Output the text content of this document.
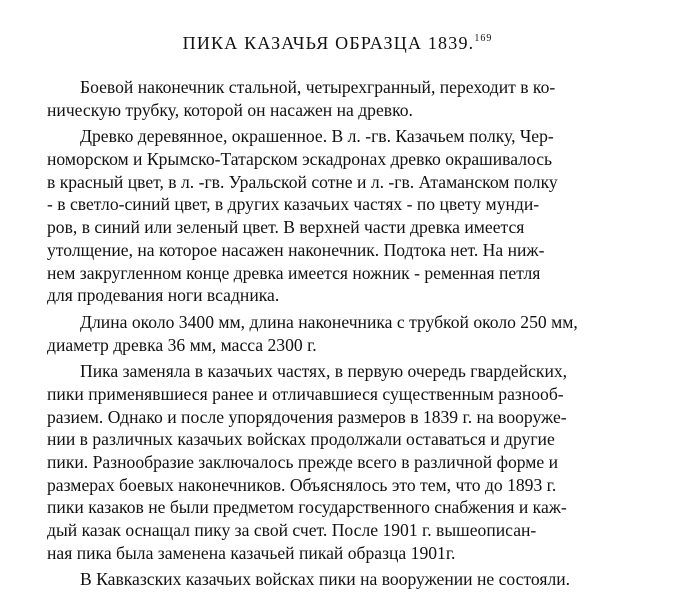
ПИКА КАЗАЧЬЯ ОБРАЗЦА 1839.$^{169}$
Боевой наконечник стальной, четырехгранный, переходит в ко-
ническую трубку, которой он насажен на древко.
Древко деревянное, окрашенное. В л. -гв. Казачьем полку, Чер-
номорском и Крымско-Татарском эскадронах древко окрашивалось
в красный цвет, в л. -гв. Уральской сотне и л. -гв. Атаманском полку
- в светло-синий цвет, в других казачьих частях - по цвету мунди-
ров, в синий или зеленый цвет. В верхней части древка имеется
утолщение, на которое насажен наконечник. Подтока нет. На ниж-
нем закругленном конце древка имеется ножник - ременная петля
для продевания ноги всадника.
Длина около 3400 мм, длина наконечника с трубкой около 250 мм,
диаметр древка 36 мм, масса 2300 г.
Пика заменяла в казачьих частях, в первую очередь гвардейских,
пики применявшиеся ранее и отличавшиеся существенным разнооб-
разием. Однако и после упорядочения размеров в 1839 г. на вооруже-
нии в различных казачьих войсках продолжали оставаться и другие
пики. Разнообразие заключалось прежде всего в различной форме и
размерах боевых наконечников. Объяснялось это тем, что до 1893 г.
пики казаков не были предметом государственного снабжения и каж-
дый казак оснащал пику за свой счет. После 1901 г. вышеописан-
ная пика была заменена казачьей пикай образца 1901г.
В Кавказских казачьих войсках пики на вооружении не состояли.
